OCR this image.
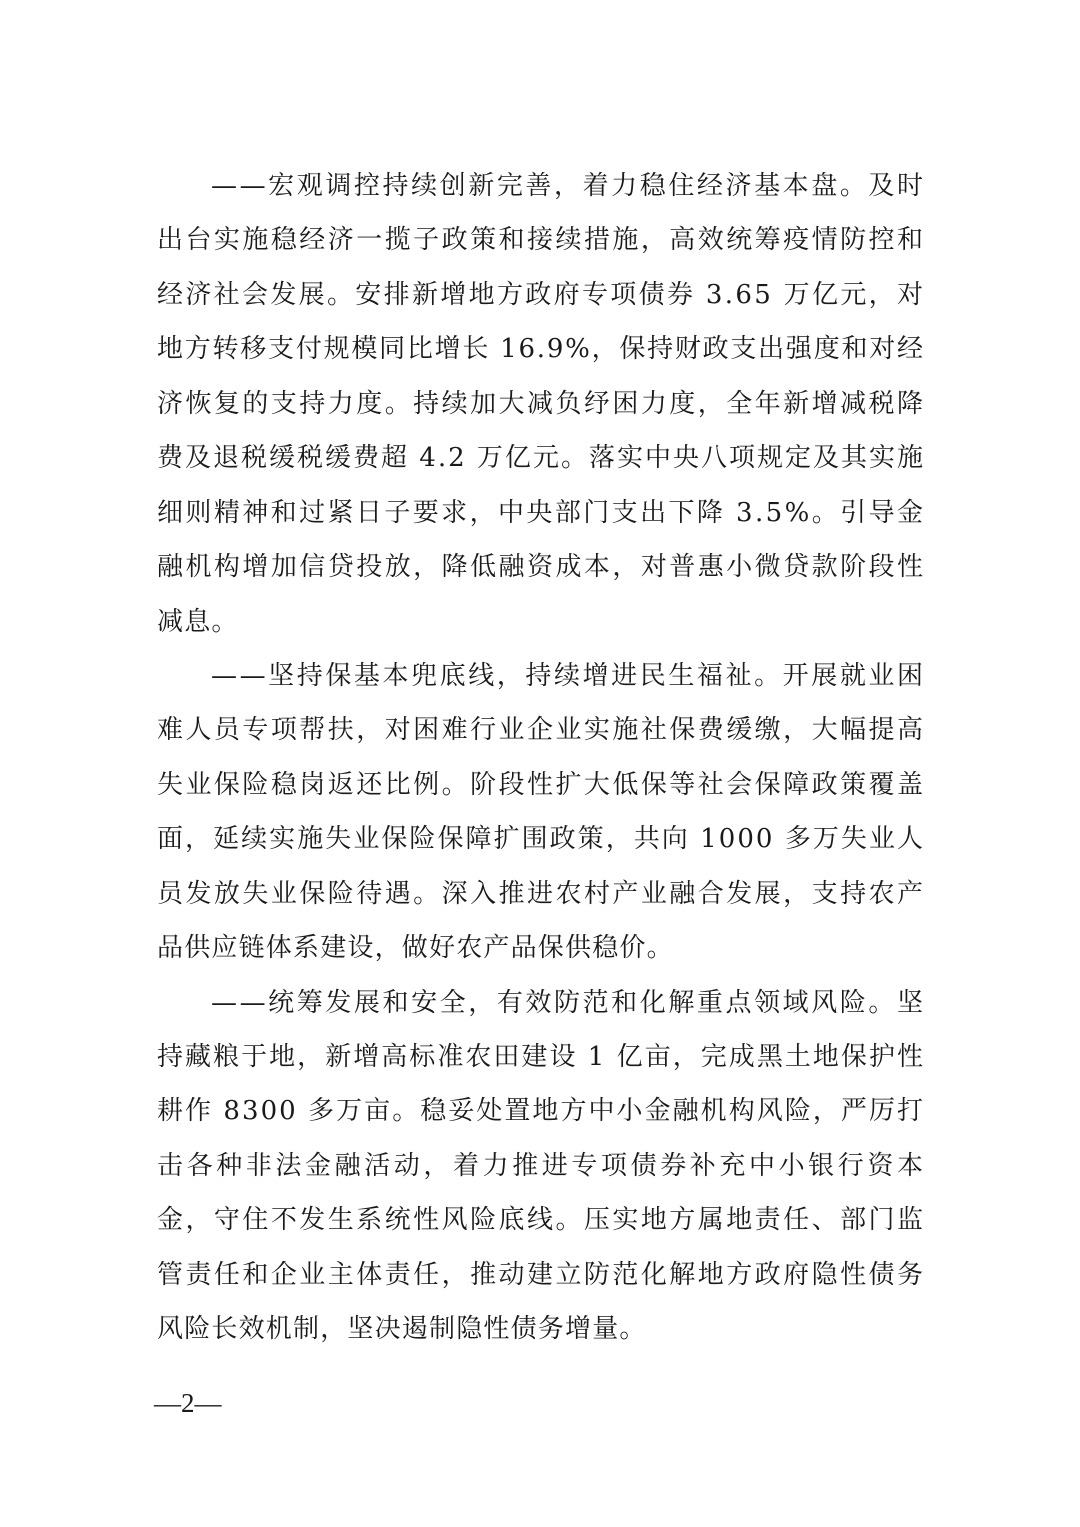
——宏观调控持续创新完善，着力稳住经济基本盘。及时
出台实施稳经济一揽子政策和接续措施，高效统筹疫情防控和
经济社会发展。安排新增地方政府专项债券 3.65 万亿元，对
地方转移支付规模同比增长 16.9%，保持财政支出强度和对经
济恢复的支持力度。持续加大减负纾困力度，全年新增减税降
费及退税缓税缓费超 4.2 万亿元。落实中央八项规定及其实施
细则精神和过紧日子要求，中央部门支出下降 3.5%。引导金
融机构增加信贷投放，降低融资成本，对普惠小微贷款阶段性
减息。
——坚持保基本兜底线，持续增进民生福祉。开展就业困
难人员专项帮扶，对困难行业企业实施社保费缓缴，大幅提高
失业保险稳岗返还比例。阶段性扩大低保等社会保障政策覆盖
面，延续实施失业保险保障扩围政策，共向 1000 多万失业人
员发放失业保险待遇。深入推进农村产业融合发展，支持农产
品供应链体系建设，做好农产品保供稳价。
——统筹发展和安全，有效防范和化解重点领域风险。坚
持藏粮于地，新增高标准农田建设 1 亿亩，完成黑土地保护性
耕作 8300 多万亩。稳妥处置地方中小金融机构风险，严厉打
击各种非法金融活动，着力推进专项债券补充中小银行资本
金，守住不发生系统性风险底线。压实地方属地责任、部门监
管责任和企业主体责任，推动建立防范化解地方政府隐性债务
风险长效机制，坚决遏制隐性债务增量。
—2—
